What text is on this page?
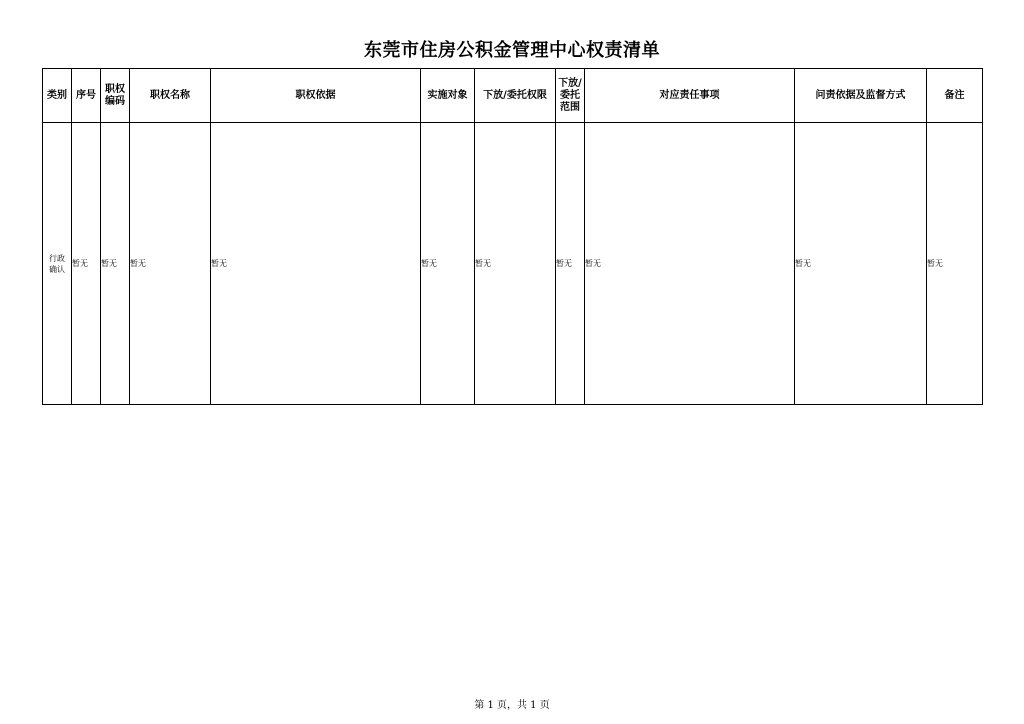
东莞市住房公积金管理中心权责清单
类别	序号	职权编码	职权名称	职权依据	实施对象	下放/委托权限	下放/委托范围	对应责任事项	问责依据及监督方式	备注
行政确认	暂无	暂无	暂无	暂无	暂无	暂无	暂无	暂无	暂无	暂无
第 1 页，共 1 页
